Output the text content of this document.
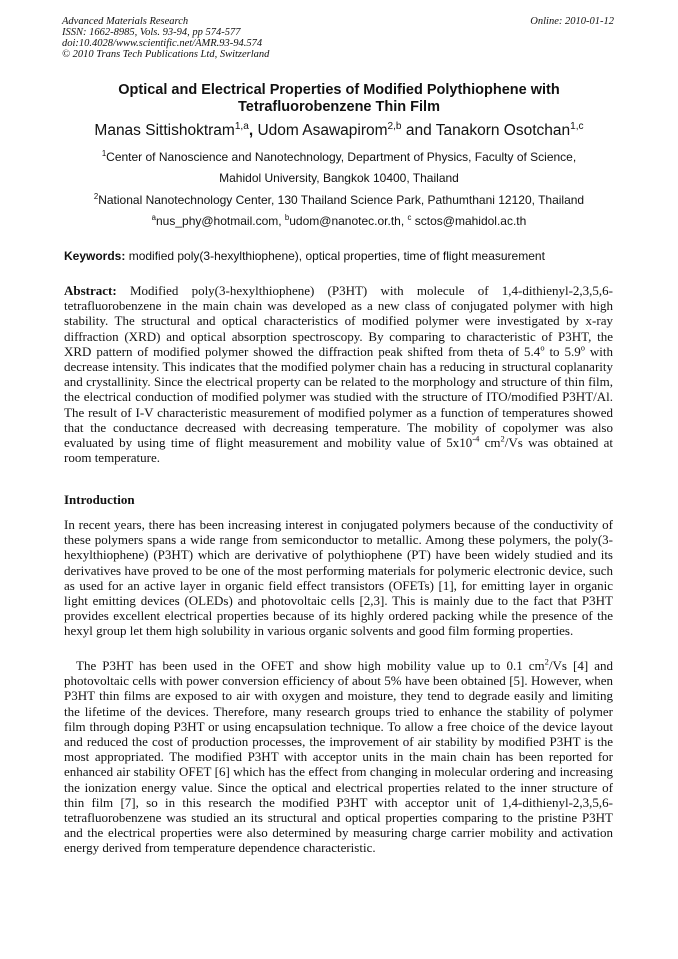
Advanced Materials Research
ISSN: 1662-8985, Vols. 93-94, pp 574-577
doi:10.4028/www.scientific.net/AMR.93-94.574
© 2010 Trans Tech Publications Ltd, Switzerland
Online: 2010-01-12
Optical and Electrical Properties of Modified Polythiophene with
Tetrafluorobenzene Thin Film
Manas Sittishoktram$^{1,a}$, Udom Asawapirom$^{2,b}$ and Tanakorn Osotchan$^{1,c}$
$^1$Center of Nanoscience and Nanotechnology, Department of Physics, Faculty of Science,
Mahidol University, Bangkok 10400, Thailand
$^2$National Nanotechnology Center, 130 Thailand Science Park, Pathumthani 12120, Thailand
$^a$nus_phy@hotmail.com, $^b$udom@nanotec.or.th, $^c$ sctos@mahidol.ac.th
Keywords: modified poly(3-hexylthiophene), optical properties, time of flight measurement
Abstract: Modified poly(3-hexylthiophene) (P3HT) with molecule of 1,4-dithienyl-2,3,5,6-tetrafluorobenzene in the main chain was developed as a new class of conjugated polymer with high stability. The structural and optical characteristics of modified polymer were investigated by x-ray diffraction (XRD) and optical absorption spectroscopy. By comparing to characteristic of P3HT, the XRD pattern of modified polymer showed the diffraction peak shifted from theta of 5.4$^o$ to 5.9$^o$ with decrease intensity. This indicates that the modified polymer chain has a reducing in structural coplanarity and crystallinity. Since the electrical property can be related to the morphology and structure of thin film, the electrical conduction of modified polymer was studied with the structure of ITO/modified P3HT/Al. The result of I-V characteristic measurement of modified polymer as a function of temperatures showed that the conductance decreased with decreasing temperature. The mobility of copolymer was also evaluated by using time of flight measurement and mobility value of $5x10^{-4}$ $cm^2/Vs$ was obtained at room temperature.
Introduction
In recent years, there has been increasing interest in conjugated polymers because of the conductivity of these polymers spans a wide range from semiconductor to metallic. Among these polymers, the poly(3-hexylthiophene) (P3HT) which are derivative of polythiophene (PT) have been widely studied and its derivatives have proved to be one of the most performing materials for polymeric electronic device, such as used for an active layer in organic field effect transistors (OFETs) [1], for emitting layer in organic light emitting devices (OLEDs) and photovoltaic cells [2,3]. This is mainly due to the fact that P3HT provides excellent electrical properties because of its highly ordered packing while the presence of the hexyl group let them high solubility in various organic solvents and good film forming properties.
The P3HT has been used in the OFET and show high mobility value up to 0.1 $cm^2/Vs$ [4] and photovoltaic cells with power conversion efficiency of about 5% have been obtained [5]. However, when P3HT thin films are exposed to air with oxygen and moisture, they tend to degrade easily and limiting the lifetime of the devices. Therefore, many research groups tried to enhance the stability of polymer film through doping P3HT or using encapsulation technique. To allow a free choice of the device layout and reduced the cost of production processes, the improvement of air stability by modified P3HT is the most appropriated. The modified P3HT with acceptor units in the main chain has been reported for enhanced air stability OFET [6] which has the effect from changing in molecular ordering and increasing the ionization energy value. Since the optical and electrical properties related to the inner structure of thin film [7], so in this research the modified P3HT with acceptor unit of 1,4-dithienyl-2,3,5,6-tetrafluorobenzene was studied an its structural and optical properties comparing to the pristine P3HT and the electrical properties were also determined by measuring charge carrier mobility and activation energy derived from temperature dependence characteristic.
